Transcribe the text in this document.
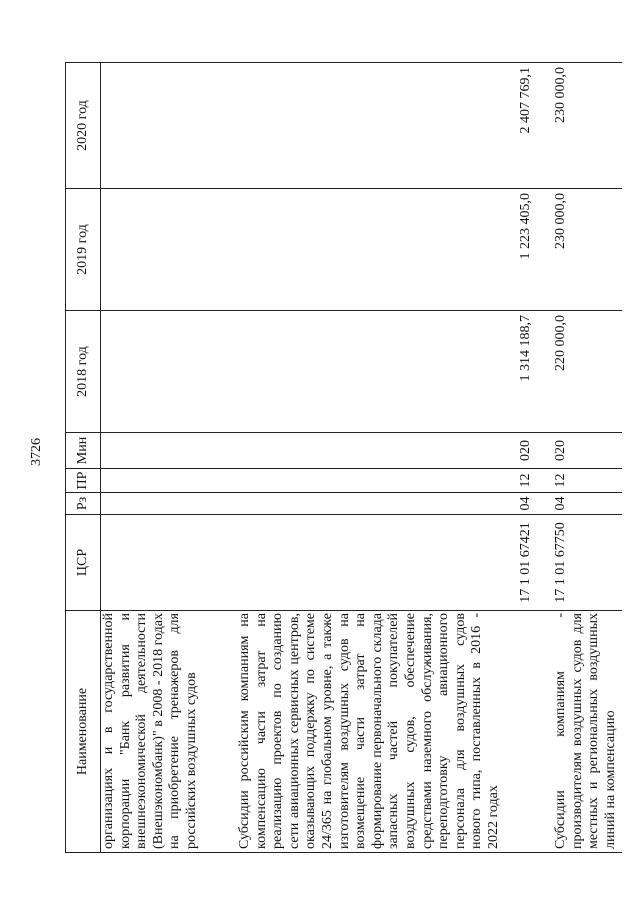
3726
Наименование	ЦСР	Рз	ПР	Мин	2018 год	2019 год	2020 год

организациях и в государственной корпорации "Банк развития и внешнеэкономической деятельности (Внешэкономбанк)" в 2008 - 2018 годах на приобретение тренажеров для российских воздушных судов							

Субсидии российским компаниям на компенсацию части затрат на реализацию проектов по созданию сети авиационных сервисных центров, оказывающих поддержку по системе 24/365 на глобальном уровне, а также изготовителям воздушных судов на возмещение части затрат на формирование первоначального склада запасных частей покупателей воздушных судов, обеспечение средствами наземного обслуживания, переподготовку авиационного персонала для воздушных судов нового типа, поставленных в 2016 - 2022 годах	17 1 01 67421	04	12	020	1 314 188,7	1 223 405,0	2 407 769,1

Субсидии компаниям - производителям воздушных судов для местных и региональных воздушных линий на компенсацию	17 1 01 67750	04	12	020	220 000,0	230 000,0	230 000,0
